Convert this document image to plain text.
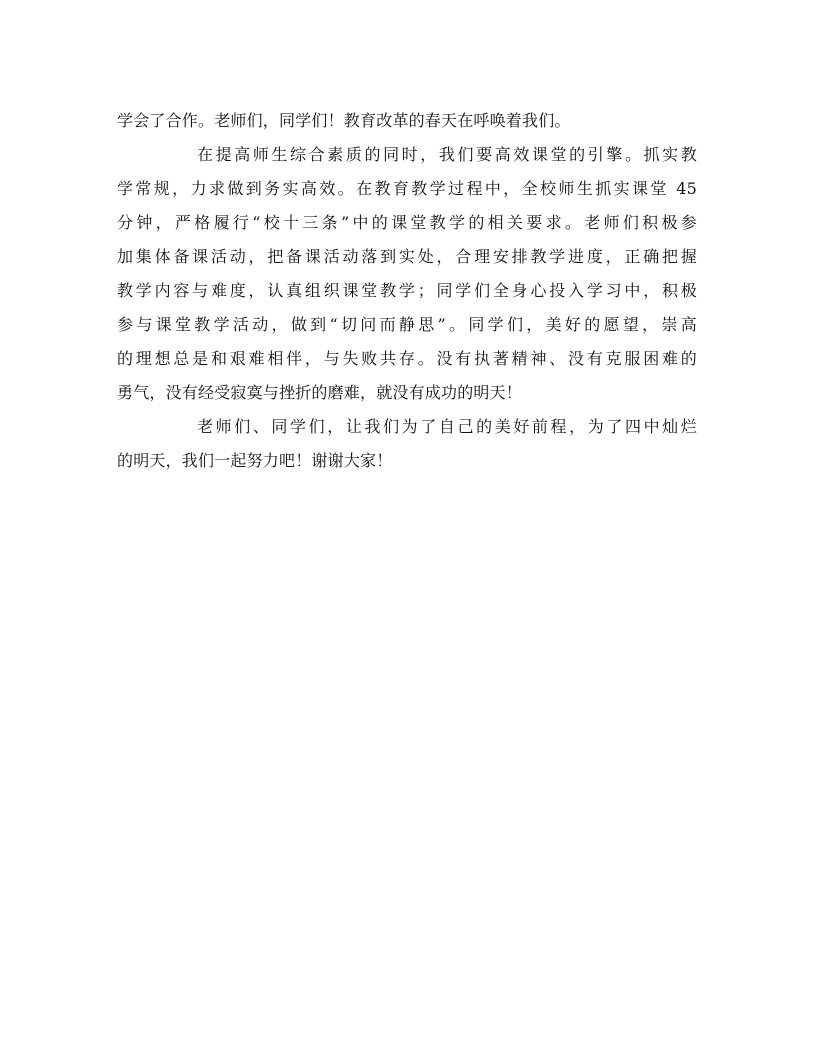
学会了合作。老师们，同学们！教育改革的春天在呼唤着我们。
在提高师生综合素质的同时，我们要高效课堂的引擎。抓实教
学常规，力求做到务实高效。在教育教学过程中，全校师生抓实课堂 45
分钟，严格履行“校十三条”中的课堂教学的相关要求。老师们积极参
加集体备课活动，把备课活动落到实处，合理安排教学进度，正确把握
教学内容与难度，认真组织课堂教学；同学们全身心投入学习中，积极
参与课堂教学活动，做到“切问而静思”。同学们，美好的愿望，崇高
的理想总是和艰难相伴，与失败共存。没有执著精神、没有克服困难的
勇气，没有经受寂寞与挫折的磨难，就没有成功的明天！
老师们、同学们，让我们为了自己的美好前程，为了四中灿烂
的明天，我们一起努力吧！谢谢大家！
